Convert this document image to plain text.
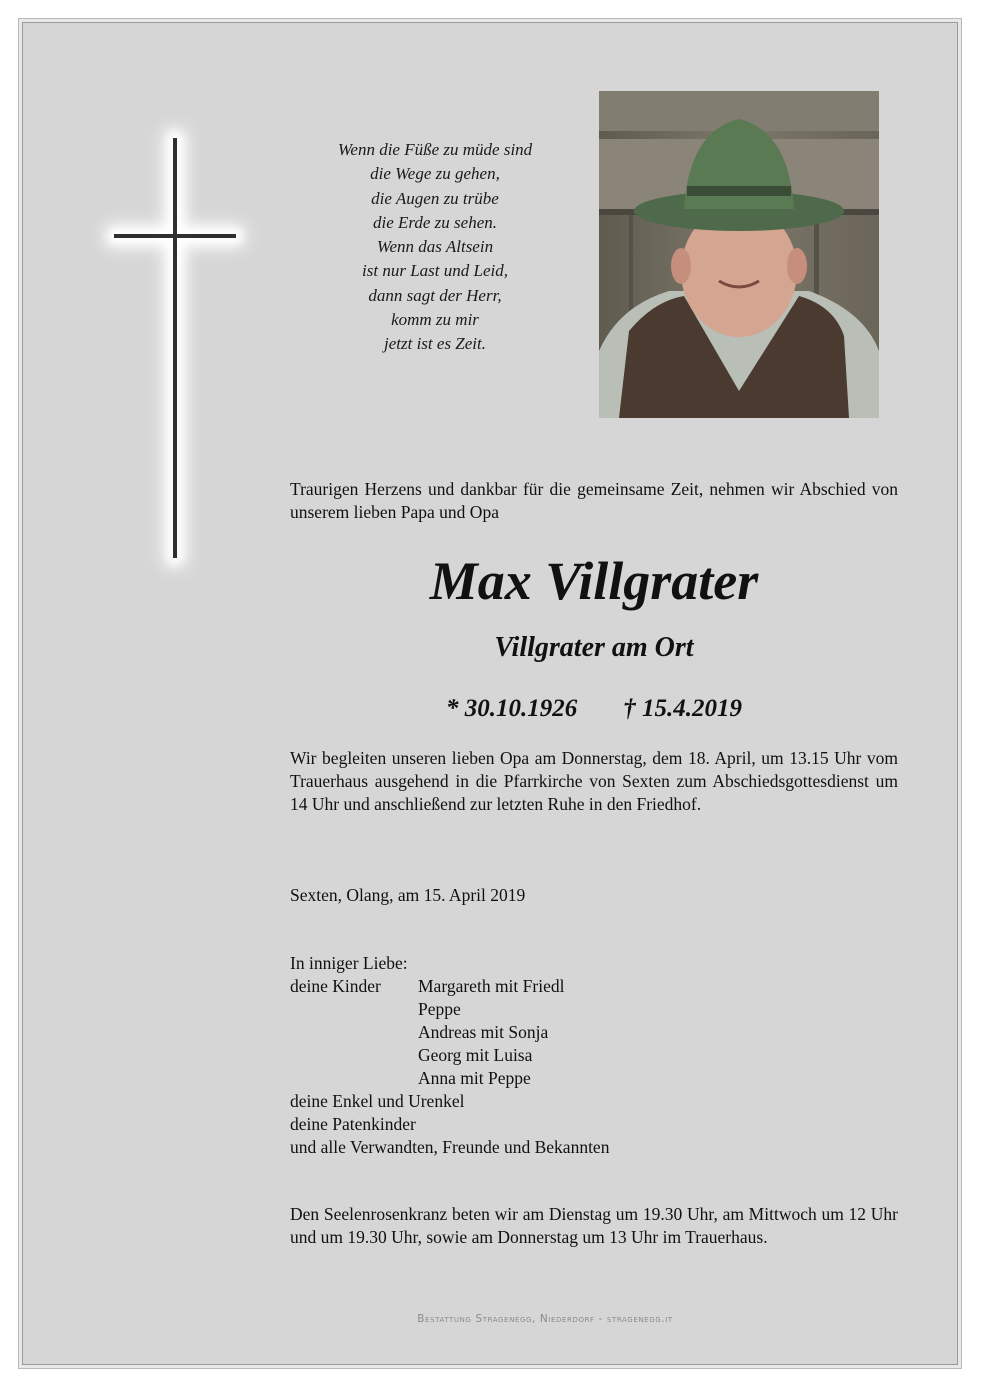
Wenn die Füße zu müde sind
die Wege zu gehen,
die Augen zu trübe
die Erde zu sehen.
Wenn das Altsein
ist nur Last und Leid,
dann sagt der Herr,
komm zu mir
jetzt ist es Zeit.
Traurigen Herzens und dankbar für die gemeinsame Zeit, nehmen wir Abschied von unserem lieben Papa und Opa
Max Villgrater
Villgrater am Ort
* 30.10.1926 † 15.4.2019
Wir begleiten unseren lieben Opa am Donnerstag, dem 18. April, um 13.15 Uhr vom Trauerhaus ausgehend in die Pfarrkirche von Sexten zum Abschiedsgottesdienst um 14 Uhr und anschließend zur letzten Ruhe in den Friedhof.
Sexten, Olang, am 15. April 2019
In inniger Liebe:
deine Kinder	Margareth mit Friedl
Peppe
Andreas mit Sonja
Georg mit Luisa
Anna mit Peppe
deine Enkel und Urenkel
deine Patenkinder
und alle Verwandten, Freunde und Bekannten
Den Seelenrosenkranz beten wir am Dienstag um 19.30 Uhr, am Mittwoch um 12 Uhr und um 19.30 Uhr, sowie am Donnerstag um 13 Uhr im Trauerhaus.
Bestattung Stragenegg, Niederdorf - stragenegg.it
